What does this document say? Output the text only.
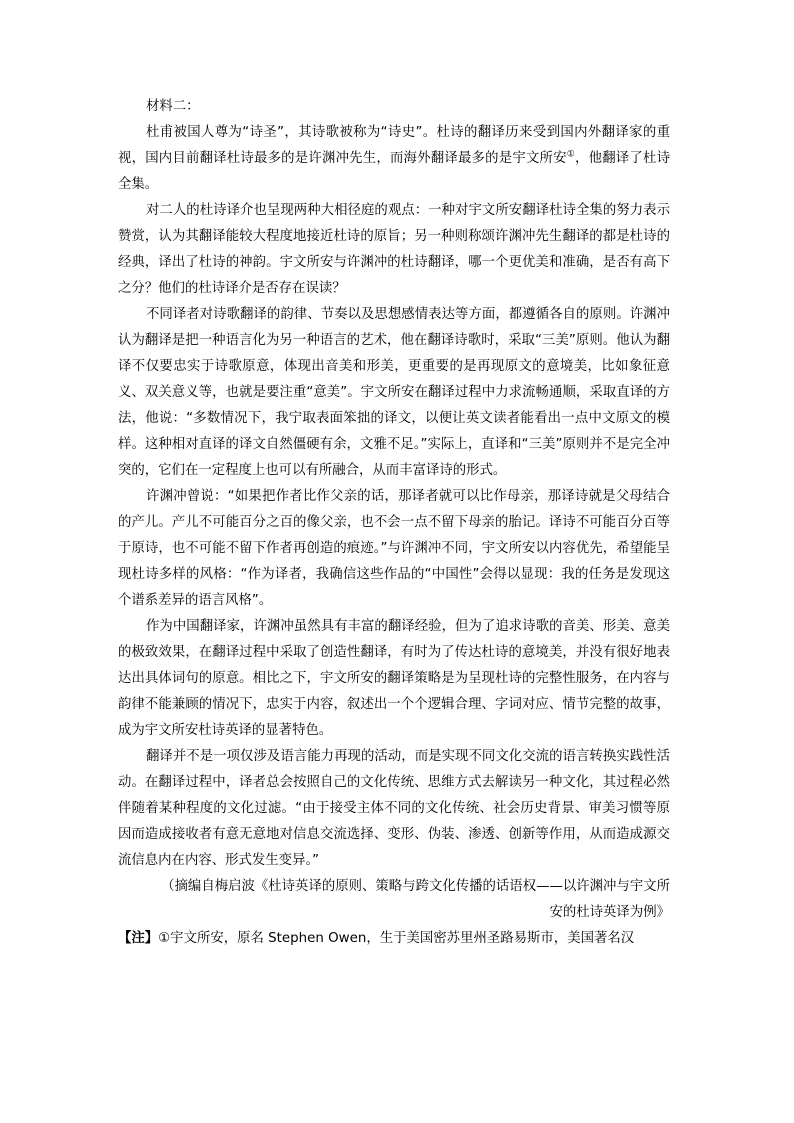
材料二：

杜甫被国人尊为“诗圣”，其诗歌被称为“诗史”。杜诗的翻译历来受到国内外翻译家的重视，国内目前翻译杜诗最多的是许渊冲先生，而海外翻译最多的是宇文所安①，他翻译了杜诗全集。

对二人的杜诗译介也呈现两种大相径庭的观点：一种对宇文所安翻译杜诗全集的努力表示赞赏，认为其翻译能较大程度地接近杜诗的原旨；另一种则称颂许渊冲先生翻译的都是杜诗的经典，译出了杜诗的神韵。宇文所安与许渊冲的杜诗翻译，哪一个更优美和准确，是否有高下之分？他们的杜诗译介是否存在误读？

不同译者对诗歌翻译的韵律、节奏以及思想感情表达等方面，都遵循各自的原则。许渊冲认为翻译是把一种语言化为另一种语言的艺术，他在翻译诗歌时，采取“三美”原则。他认为翻译不仅要忠实于诗歌原意，体现出音美和形美，更重要的是再现原文的意境美，比如象征意义、双关意义等，也就是要注重“意美”。宇文所安在翻译过程中力求流畅通顺，采取直译的方法，他说：“多数情况下，我宁取表面笨拙的译文，以便让英文读者能看出一点中文原文的模样。这种相对直译的译文自然僵硬有余，文雅不足。”实际上，直译和“三美”原则并不是完全冲突的，它们在一定程度上也可以有所融合，从而丰富译诗的形式。

许渊冲曾说：“如果把作者比作父亲的话，那译者就可以比作母亲，那译诗就是父母结合的产儿。产儿不可能百分之百的像父亲，也不会一点不留下母亲的胎记。译诗不可能百分百等于原诗，也不可能不留下作者再创造的痕迹。”与许渊冲不同，宇文所安以内容优先，希望能呈现杜诗多样的风格：“作为译者，我确信这些作品的“中国性”会得以显现：我的任务是发现这个谱系差异的语言风格”。

作为中国翻译家，许渊冲虽然具有丰富的翻译经验，但为了追求诗歌的音美、形美、意美的极致效果，在翻译过程中采取了创造性翻译，有时为了传达杜诗的意境美，并没有很好地表达出具体词句的原意。相比之下，宇文所安的翻译策略是为呈现杜诗的完整性服务，在内容与韵律不能兼顾的情况下，忠实于内容，叙述出一个个逻辑合理、字词对应、情节完整的故事，成为宇文所安杜诗英译的显著特色。

翻译并不是一项仅涉及语言能力再现的活动，而是实现不同文化交流的语言转换实践性活动。在翻译过程中，译者总会按照自己的文化传统、思维方式去解读另一种文化，其过程必然伴随着某种程度的文化过滤。“由于接受主体不同的文化传统、社会历史背景、审美习惯等原因而造成接收者有意无意地对信息交流选择、变形、伪装、渗透、创新等作用，从而造成源交流信息内在内容、形式发生变异。”

（摘编自梅启波《杜诗英译的原则、策略与跨文化传播的话语权——以许渊冲与宇文所安的杜诗英译为例》

【注】①宇文所安，原名 Stephen Owen，生于美国密苏里州圣路易斯市，美国著名汉
